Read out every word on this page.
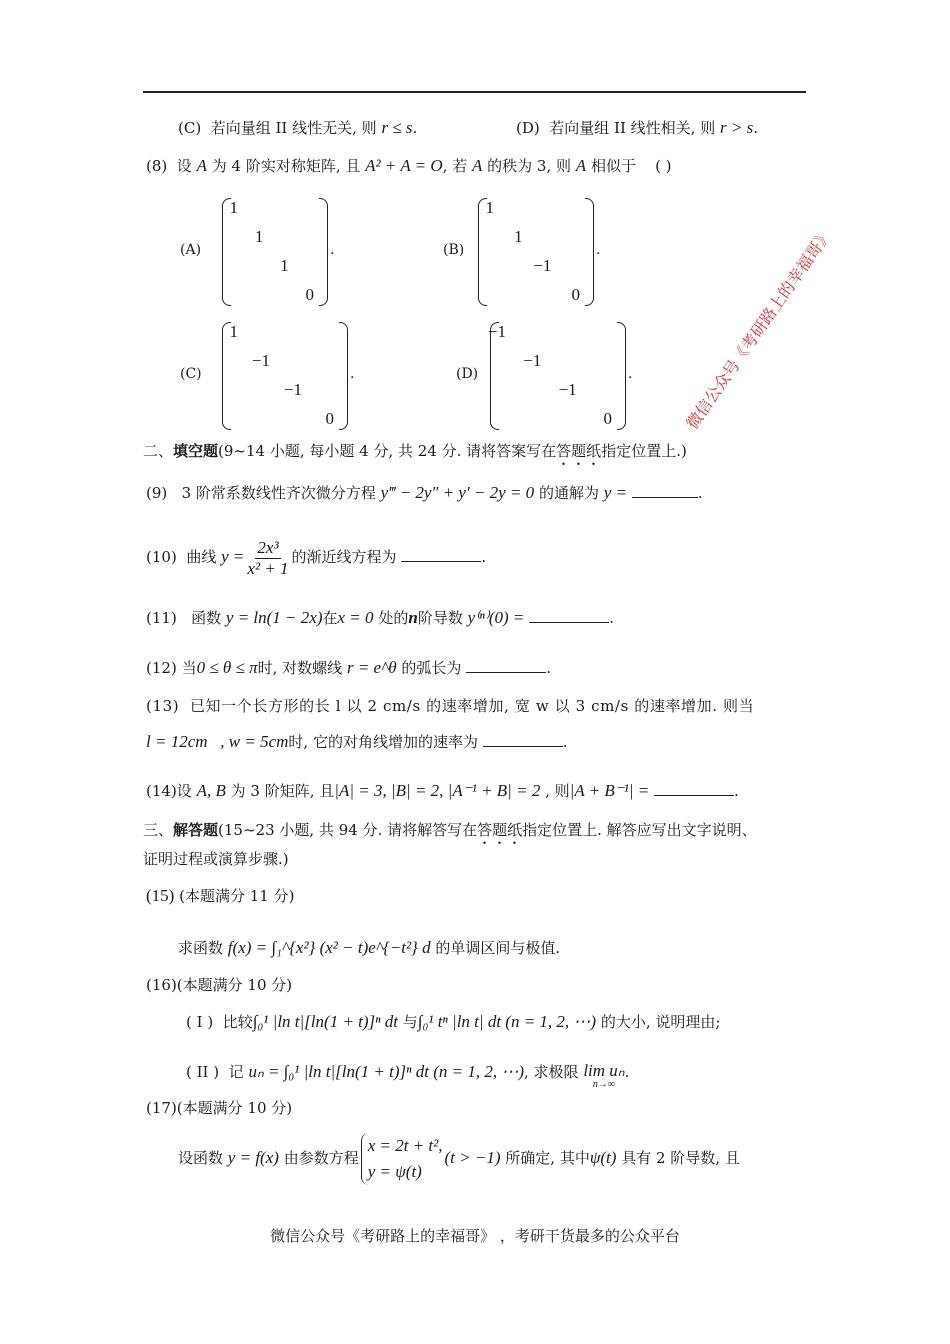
(C) 若向量组 II 线性无关, 则 r ≤ s.	(D) 若向量组 II 线性相关, 则 r > s.
(8) 设 A 为 4 阶实对称矩阵, 且 A² + A = O, 若 A 的秩为 3, 则 A 相似于 ( )
(A)
1
1
1
0
.	(B)
1
1
−1
0
.
(C)
1
−1
−1
0
.	(D)
−1
−1
−1
0
.
二、填空题(9~14 小题, 每小题 4 分, 共 24 分. 请将答案写在答题纸指定位置上.)
(9) 3 阶常系数线性齐次微分方程 y‴ − 2y″ + y′ − 2y = 0 的通解为 y =	.
(10) 曲线 $y = \frac{\text{2x³}}{\text{x² + 1}}$ 的渐近线方程为	.
(11) 函数 y = ln(1 − 2x)在x = 0 处的n阶导数 y⁽ⁿ⁾(0) =	.
(12) 当0 ≤ θ ≤ π时, 对数螺线 r = e^θ 的弧长为	.
(13) 已知一个长方形的长 l 以 2 cm/s 的速率增加, 宽 w 以 3 cm/s 的速率增加. 则当
l = 12cm   , w = 5cm时, 它的对角线增加的速率为	.
(14)设 A, B 为 3 阶矩阵, 且|A| = 3, |B| = 2, |A⁻¹ + B| = 2 , 则|A + B⁻¹| =	.
三、解答题(15~23 小题, 共 94 分. 请将解答写在答题纸指定位置上. 解答应写出文字说明、
证明过程或演算步骤.)
(15) (本题满分 11 分)
求函数 f(x) = ∫₁^{x²} (x² − t)e^{−t²} d 的单调区间与极值.
(16)(本题满分 10 分)
( I ) 比较∫₀¹ |ln t|[ln(1 + t)]ⁿ dt 与∫₀¹ tⁿ |ln t| dt (n = 1, 2, ⋯) 的大小, 说明理由;
( II ) 记 uₙ = ∫₀¹ |ln t|[ln(1 + t)]ⁿ dt (n = 1, 2, ⋯), 求极限 lim uₙ
n→∞
.
(17)(本题满分 10 分)
设函数 y = f(x) 由参数方程
x = 2t + t²,
y = ψ(t)
(t > −1) 所确定, 其中ψ(t) 具有 2 阶导数, 且
微信公众号《考研路上的幸福哥》
微信公众号《考研路上的幸福哥》 ，考研干货最多的公众平台
